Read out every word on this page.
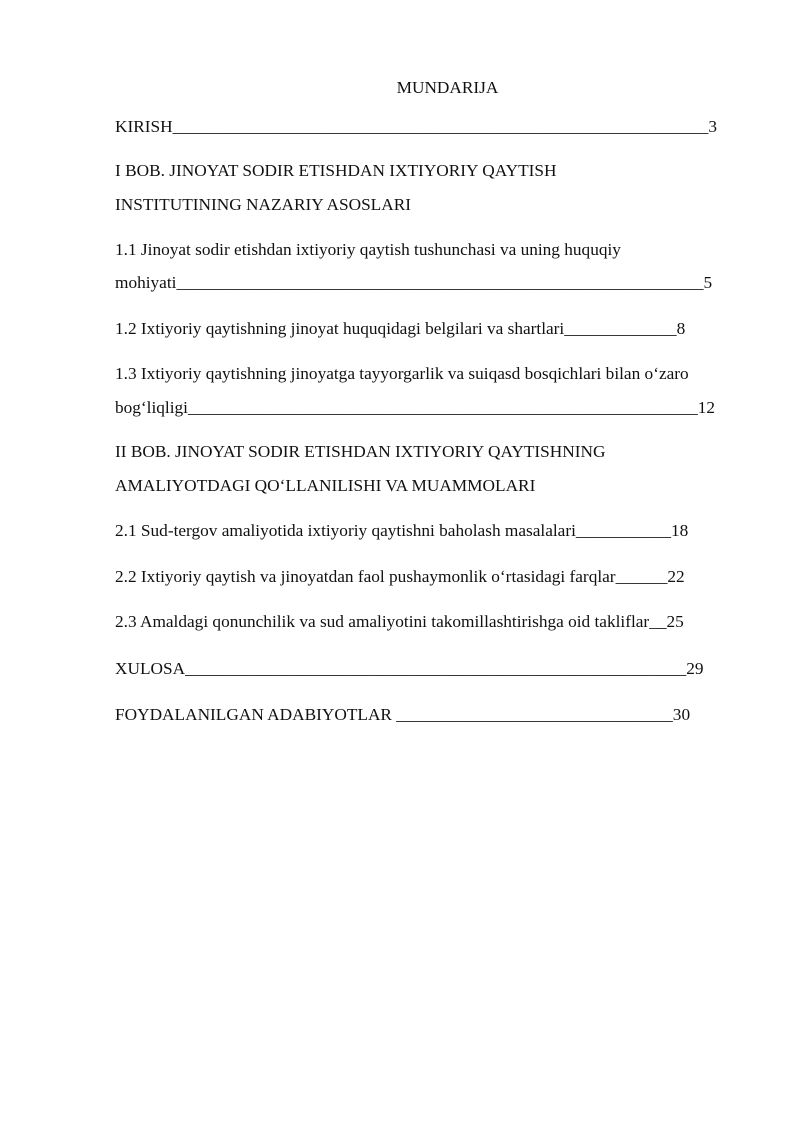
MUNDARIJA
KIRISH______________________________________________________________3
I BOB. JINOYAT SODIR ETISHDAN IXTIYORIY QAYTISH
INSTITUTINING NAZARIY ASOSLARI
1.1 Jinoyat sodir etishdan ixtiyoriy qaytish tushunchasi va uning huquqiy
mohiyati_____________________________________________________________5
1.2 Ixtiyoriy qaytishning jinoyat huquqidagi belgilari va shartlari_____________8
1.3 Ixtiyoriy qaytishning jinoyatga tayyorgarlik va suiqasd bosqichlari bilan o‘zaro
bog‘liqligi___________________________________________________________12
II BOB. JINOYAT SODIR ETISHDAN IXTIYORIY QAYTISHNING
AMALIYOTDAGI QO‘LLANILISHI VA MUAMMOLARI
2.1 Sud-tergov amaliyotida ixtiyoriy qaytishni baholash masalalari___________18
2.2 Ixtiyoriy qaytish va jinoyatdan faol pushaymonlik o‘rtasidagi farqlar______22
2.3 Amaldagi qonunchilik va sud amaliyotini takomillashtirishga oid takliflar__25
XULOSA__________________________________________________________29
FOYDALANILGAN ADABIYOTLAR ________________________________30
